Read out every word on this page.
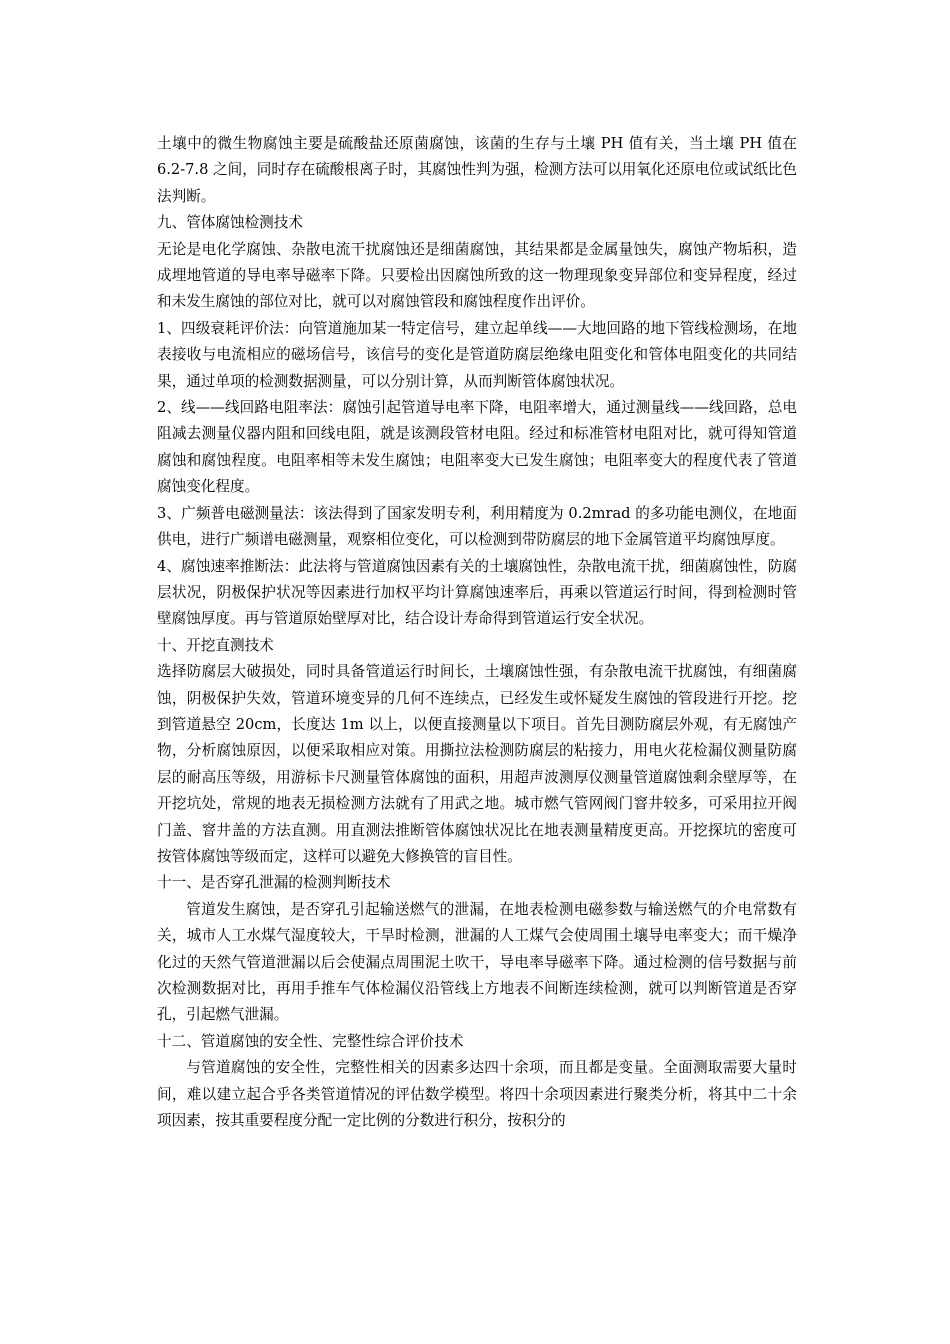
土壤中的微生物腐蚀主要是硫酸盐还原菌腐蚀，该菌的生存与土壤 PH 值有关，当土壤 PH 值在 6.2-7.8 之间，同时存在硫酸根离子时，其腐蚀性判为强，检测方法可以用氧化还原电位或试纸比色法判断。

九、管体腐蚀检测技术

无论是电化学腐蚀、杂散电流干扰腐蚀还是细菌腐蚀，其结果都是金属量蚀失，腐蚀产物垢积，造成埋地管道的导电率导磁率下降。只要检出因腐蚀所致的这一物理现象变异部位和变异程度，经过和未发生腐蚀的部位对比，就可以对腐蚀管段和腐蚀程度作出评价。

1、四级衰耗评价法：向管道施加某一特定信号，建立起单线——大地回路的地下管线检测场，在地表接收与电流相应的磁场信号，该信号的变化是管道防腐层绝缘电阻变化和管体电阻变化的共同结果，通过单项的检测数据测量，可以分别计算，从而判断管体腐蚀状况。

2、线——线回路电阻率法：腐蚀引起管道导电率下降，电阻率增大，通过测量线——线回路，总电阻减去测量仪器内阻和回线电阻，就是该测段管材电阻。经过和标准管材电阻对比，就可得知管道腐蚀和腐蚀程度。电阻率相等未发生腐蚀；电阻率变大已发生腐蚀；电阻率变大的程度代表了管道腐蚀变化程度。

3、广频普电磁测量法：该法得到了国家发明专利，利用精度为 0.2mrad 的多功能电测仪，在地面供电，进行广频谱电磁测量，观察相位变化，可以检测到带防腐层的地下金属管道平均腐蚀厚度。

4、腐蚀速率推断法：此法将与管道腐蚀因素有关的土壤腐蚀性，杂散电流干扰，细菌腐蚀性，防腐层状况，阴极保护状况等因素进行加权平均计算腐蚀速率后，再乘以管道运行时间，得到检测时管壁腐蚀厚度。再与管道原始壁厚对比，结合设计寿命得到管道运行安全状况。

十、开挖直测技术

选择防腐层大破损处，同时具备管道运行时间长，土壤腐蚀性强，有杂散电流干扰腐蚀，有细菌腐蚀，阴极保护失效，管道环境变异的几何不连续点，已经发生或怀疑发生腐蚀的管段进行开挖。挖到管道悬空 20cm，长度达 1m 以上，以便直接测量以下项目。首先目测防腐层外观，有无腐蚀产物，分析腐蚀原因，以便采取相应对策。用撕拉法检测防腐层的粘接力，用电火花检漏仪测量防腐层的耐高压等级，用游标卡尺测量管体腐蚀的面积，用超声波测厚仪测量管道腐蚀剩余壁厚等，在开挖坑处，常规的地表无损检测方法就有了用武之地。城市燃气管网阀门窨井较多，可采用拉开阀门盖、窨井盖的方法直测。用直测法推断管体腐蚀状况比在地表测量精度更高。开挖探坑的密度可按管体腐蚀等级而定，这样可以避免大修换管的盲目性。

十一、是否穿孔泄漏的检测判断技术

管道发生腐蚀，是否穿孔引起输送燃气的泄漏，在地表检测电磁参数与输送燃气的介电常数有关，城市人工水煤气湿度较大，干旱时检测，泄漏的人工煤气会使周围土壤导电率变大；而干燥净化过的天然气管道泄漏以后会使漏点周围泥土吹干，导电率导磁率下降。通过检测的信号数据与前次检测数据对比，再用手推车气体检漏仪沿管线上方地表不间断连续检测，就可以判断管道是否穿孔，引起燃气泄漏。

十二、管道腐蚀的安全性、完整性综合评价技术

与管道腐蚀的安全性，完整性相关的因素多达四十余项，而且都是变量。全面测取需要大量时间，难以建立起合乎各类管道情况的评估数学模型。将四十余项因素进行聚类分析，将其中二十余项因素，按其重要程度分配一定比例的分数进行积分，按积分的
